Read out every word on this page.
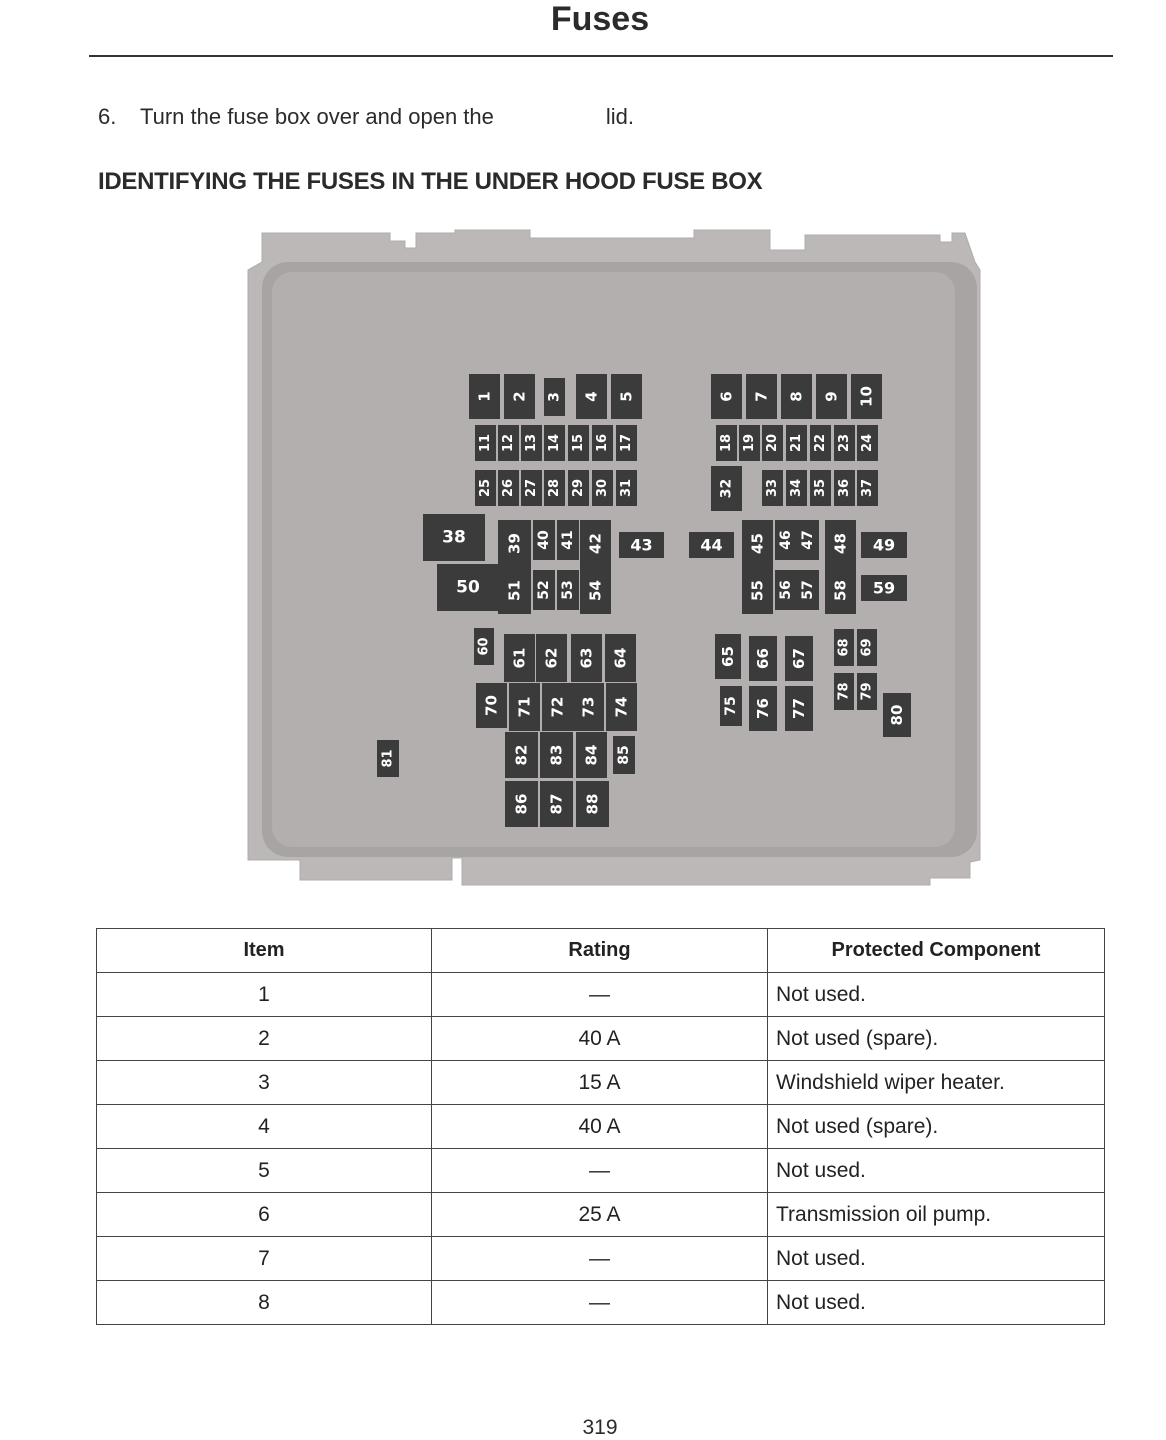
Fuses
6. Turn the fuse box over and open the	lid.
IDENTIFYING THE FUSES IN THE UNDER HOOD FUSE BOX
1 2 3 4 5	6 7 8 9 10
11 12 13 14 15 16 17	18 19 20 21 22 23 24
25 26 27 28 29 30 31	32 33 34 35 36 37
38	39 40 41 42 43	44 45 46 47 48 49
50 51 52 53 54	55 56 57 58 59
60
61 62 63 64	65 66 67
68 69
70 71 72 73 74	75 76 77
78 79
80
81	82 83 84 85
86 87 88
Item	Rating	Protected Component
1	—	Not used.
2	40 A	Not used (spare).
3	15 A	Windshield wiper heater.
4	40 A	Not used (spare).
5	—	Not used.
6	25 A	Transmission oil pump.
7	—	Not used.
8	—	Not used.
319
